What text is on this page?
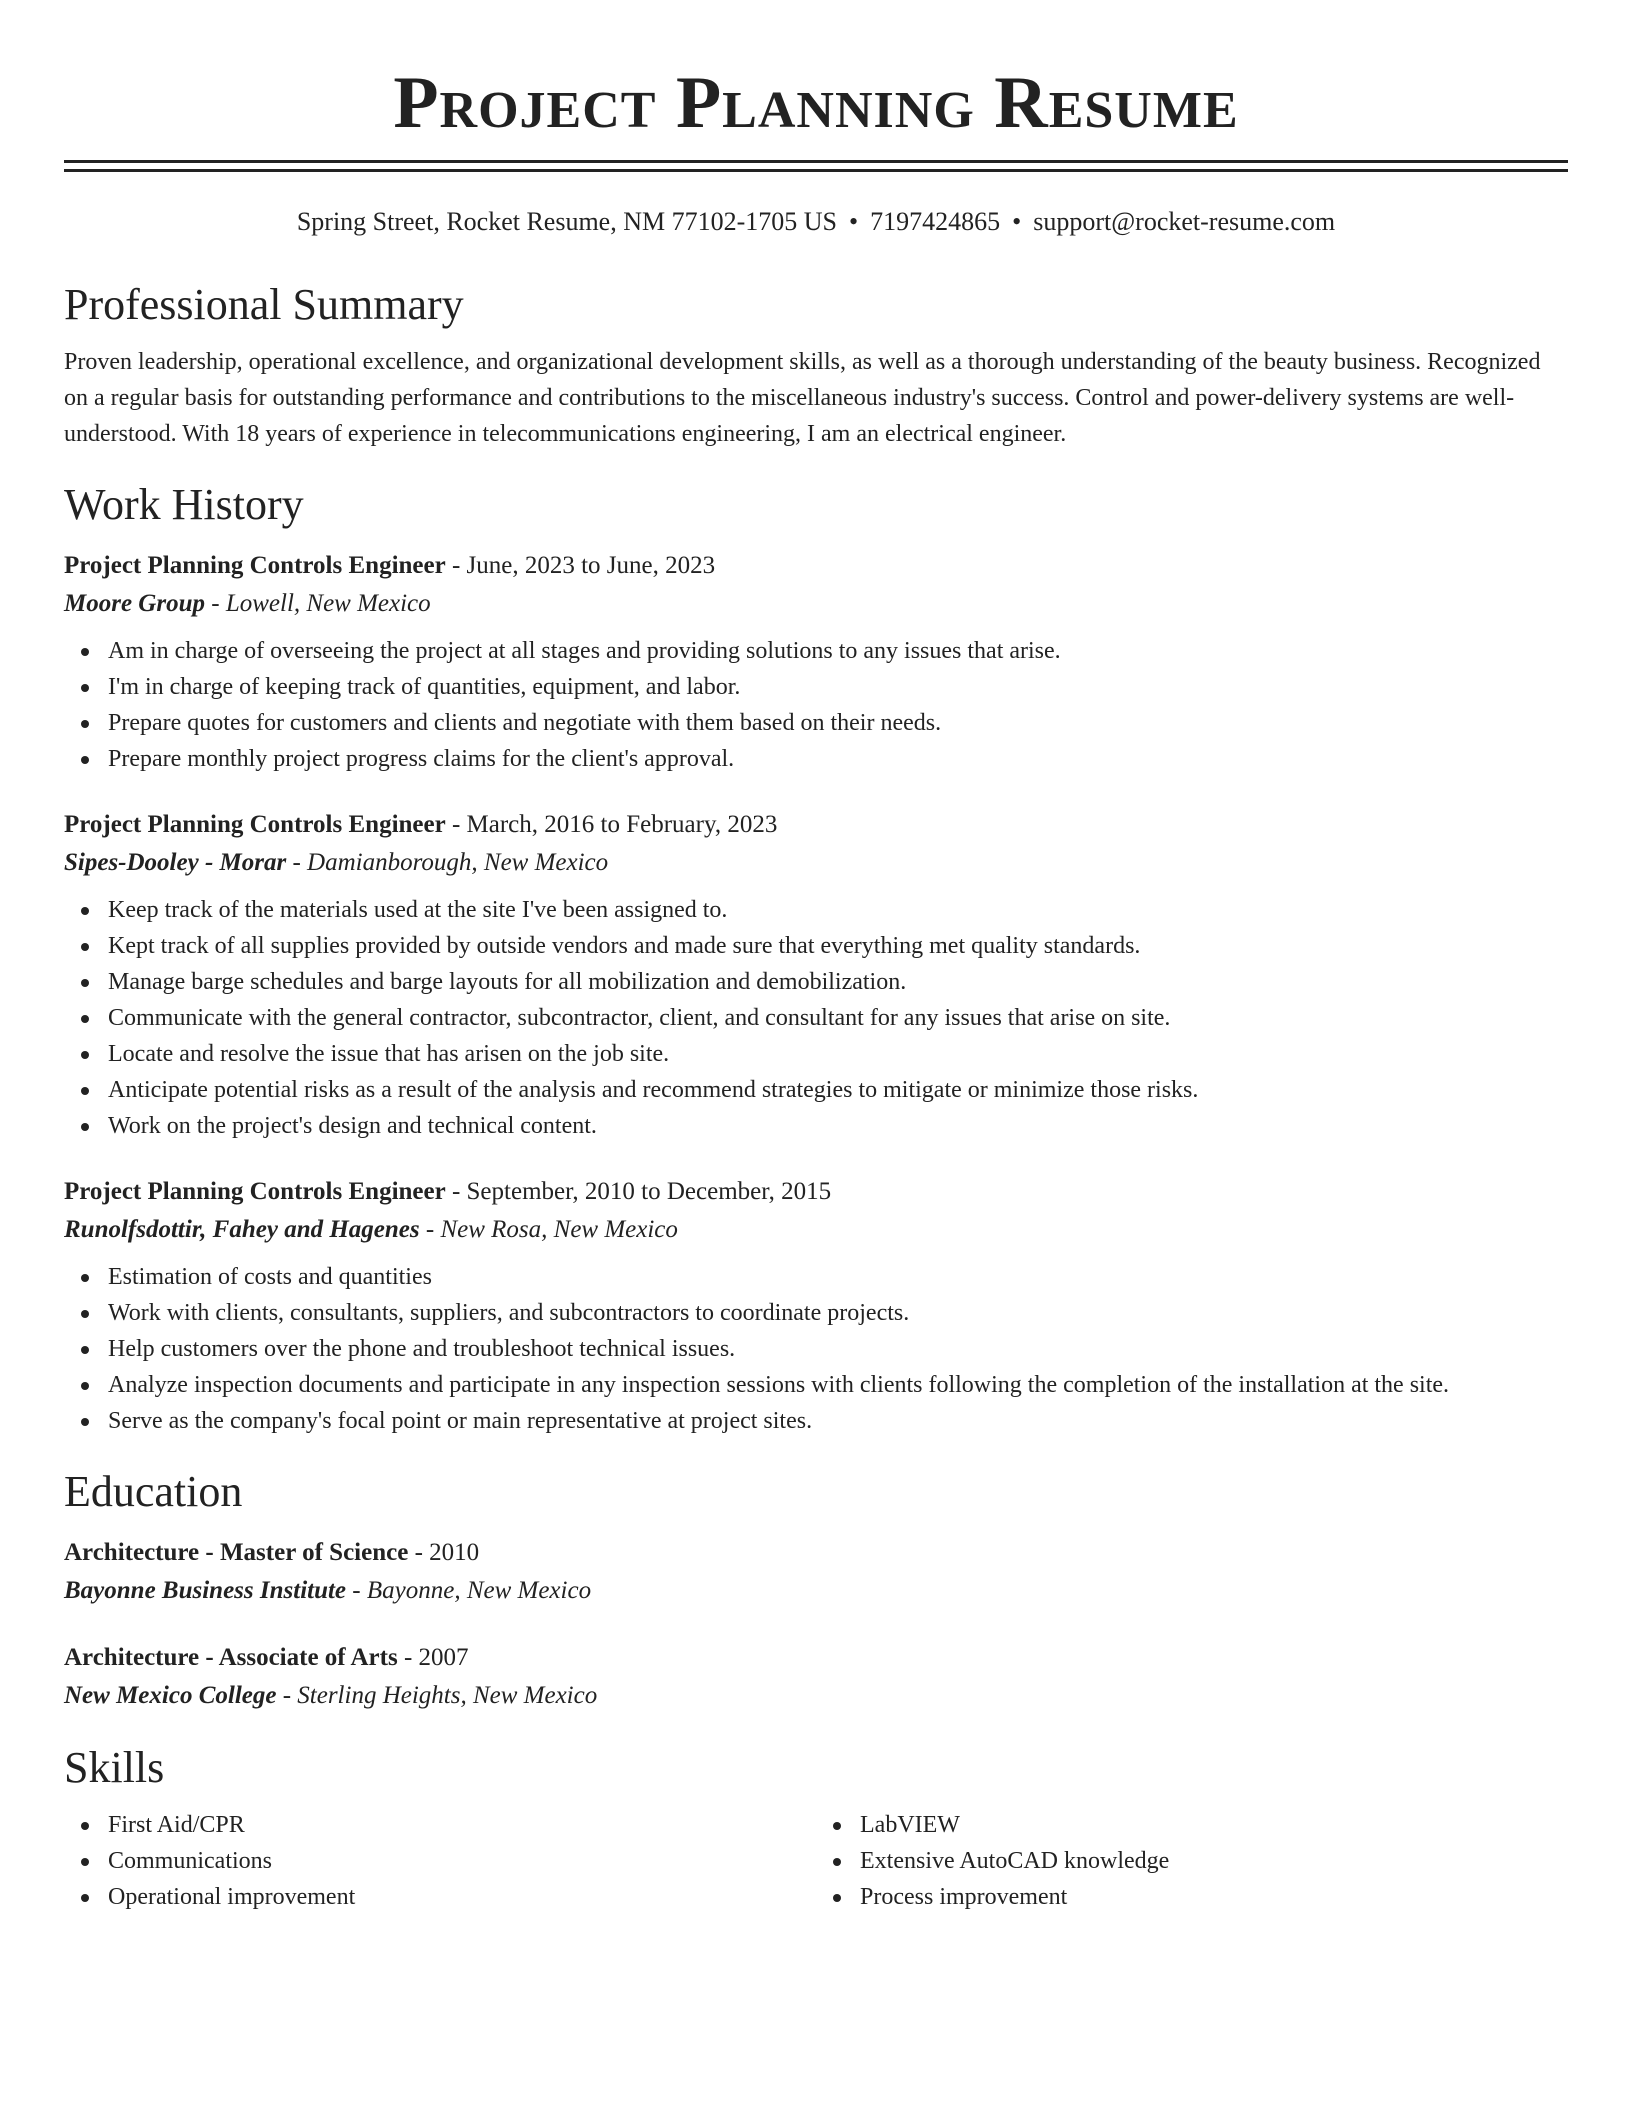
Project Planning Resume
Spring Street, Rocket Resume, NM 77102-1705 US • 7197424865 • support@rocket-resume.com
Professional Summary

Proven leadership, operational excellence, and organizational development skills, as well as a thorough understanding of the beauty business. Recognized on a regular basis for outstanding performance and contributions to the miscellaneous industry's success. Control and power-delivery systems are well-understood. With 18 years of experience in telecommunications engineering, I am an electrical engineer.

Work History
Project Planning Controls Engineer - June, 2023 to June, 2023
Moore Group - Lowell, New Mexico
Am in charge of overseeing the project at all stages and providing solutions to any issues that arise.
I'm in charge of keeping track of quantities, equipment, and labor.
Prepare quotes for customers and clients and negotiate with them based on their needs.
Prepare monthly project progress claims for the client's approval.
Project Planning Controls Engineer - March, 2016 to February, 2023
Sipes-Dooley - Morar - Damianborough, New Mexico
Keep track of the materials used at the site I've been assigned to.
Kept track of all supplies provided by outside vendors and made sure that everything met quality standards.
Manage barge schedules and barge layouts for all mobilization and demobilization.
Communicate with the general contractor, subcontractor, client, and consultant for any issues that arise on site.
Locate and resolve the issue that has arisen on the job site.
Anticipate potential risks as a result of the analysis and recommend strategies to mitigate or minimize those risks.
Work on the project's design and technical content.
Project Planning Controls Engineer - September, 2010 to December, 2015
Runolfsdottir, Fahey and Hagenes - New Rosa, New Mexico
Estimation of costs and quantities
Work with clients, consultants, suppliers, and subcontractors to coordinate projects.
Help customers over the phone and troubleshoot technical issues.
Analyze inspection documents and participate in any inspection sessions with clients following the completion of the installation at the site.
Serve as the company's focal point or main representative at project sites.
Education
Architecture - Master of Science - 2010
Bayonne Business Institute - Bayonne, New Mexico
Architecture - Associate of Arts - 2007
New Mexico College - Sterling Heights, New Mexico
Skills
First Aid/CPR
Communications
Operational improvement
LabVIEW
Extensive AutoCAD knowledge
Process improvement
